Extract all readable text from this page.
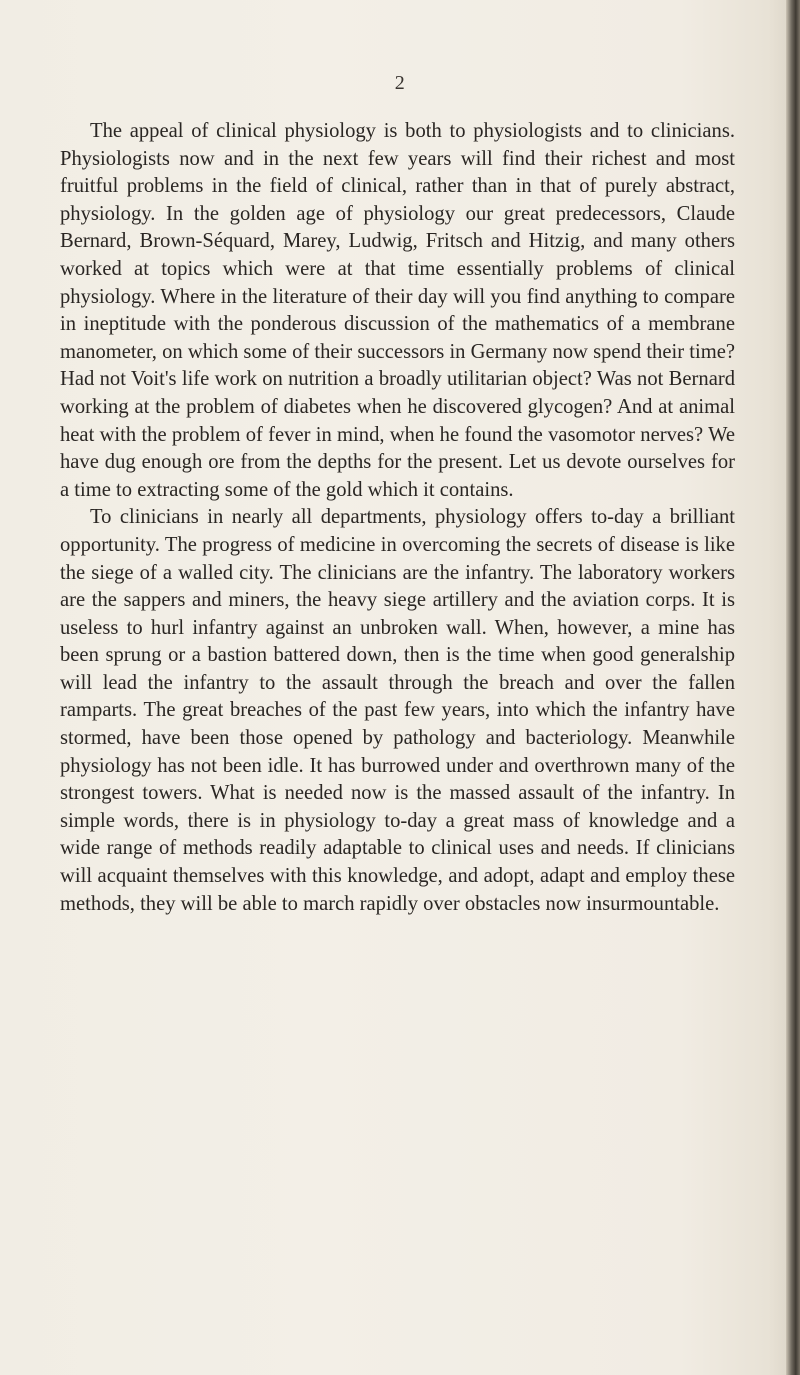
2

The appeal of clinical physiology is both to physiologists and to clinicians. Physiologists now and in the next few years will find their richest and most fruitful problems in the field of clinical, rather than in that of purely abstract, physiology. In the golden age of physiology our great predecessors, Claude Bernard, Brown-Séquard, Marey, Ludwig, Fritsch and Hitzig, and many others worked at topics which were at that time essentially problems of clinical physiology. Where in the literature of their day will you find anything to compare in ineptitude with the ponderous discussion of the mathematics of a membrane manometer, on which some of their successors in Germany now spend their time? Had not Voit's life work on nutrition a broadly utilitarian object? Was not Bernard working at the problem of diabetes when he discovered glycogen? And at animal heat with the problem of fever in mind, when he found the vasomotor nerves? We have dug enough ore from the depths for the present. Let us devote ourselves for a time to extracting some of the gold which it contains.

To clinicians in nearly all departments, physiology offers to-day a brilliant opportunity. The progress of medicine in overcoming the secrets of disease is like the siege of a walled city. The clinicians are the infantry. The laboratory workers are the sappers and miners, the heavy siege artillery and the aviation corps. It is useless to hurl infantry against an unbroken wall. When, however, a mine has been sprung or a bastion battered down, then is the time when good generalship will lead the infantry to the assault through the breach and over the fallen ramparts. The great breaches of the past few years, into which the infantry have stormed, have been those opened by pathology and bacteriology. Meanwhile physiology has not been idle. It has burrowed under and overthrown many of the strongest towers. What is needed now is the massed assault of the infantry. In simple words, there is in physiology to-day a great mass of knowledge and a wide range of methods readily adaptable to clinical uses and needs. If clinicians will acquaint themselves with this knowledge, and adopt, adapt and employ these methods, they will be able to march rapidly over obstacles now insurmountable.
